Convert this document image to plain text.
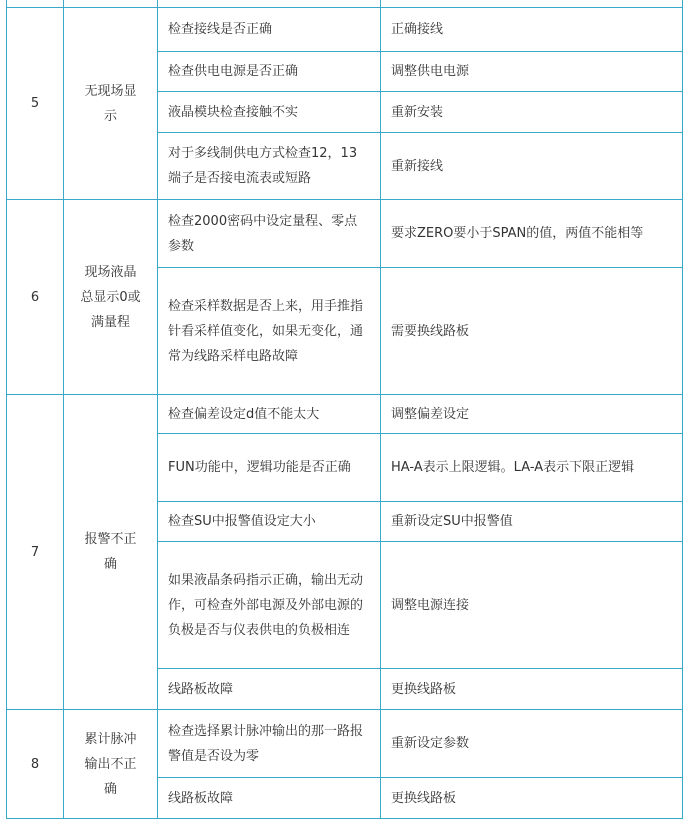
5	无现场显示	检查接线是否正确	正确接线
		检查供电电源是否正确	调整供电电源
		液晶模块检查接触不实	重新安装
		对于多线制供电方式检查12，13端子是否接电流表或短路	重新接线
6	现场液晶总显示0或满量程	检查2000密码中设定量程、零点参数	要求ZERO要小于SPAN的值，两值不能相等
		检查采样数据是否上来，用手推指针看采样值变化，如果无变化，通常为线路采样电路故障	需要换线路板
7	报警不正确	检查偏差设定d值不能太大	调整偏差设定
		FUN功能中，逻辑功能是否正确	HA-A表示上限逻辑。LA-A表示下限正逻辑
		检查SU中报警值设定大小	重新设定SU中报警值
		如果液晶条码指示正确，输出无动作，可检查外部电源及外部电源的负极是否与仪表供电的负极相连	调整电源连接
		线路板故障	更换线路板
8	累计脉冲输出不正确	检查选择累计脉冲输出的那一路报警值是否设为零	重新设定参数
		线路板故障	更换线路板
